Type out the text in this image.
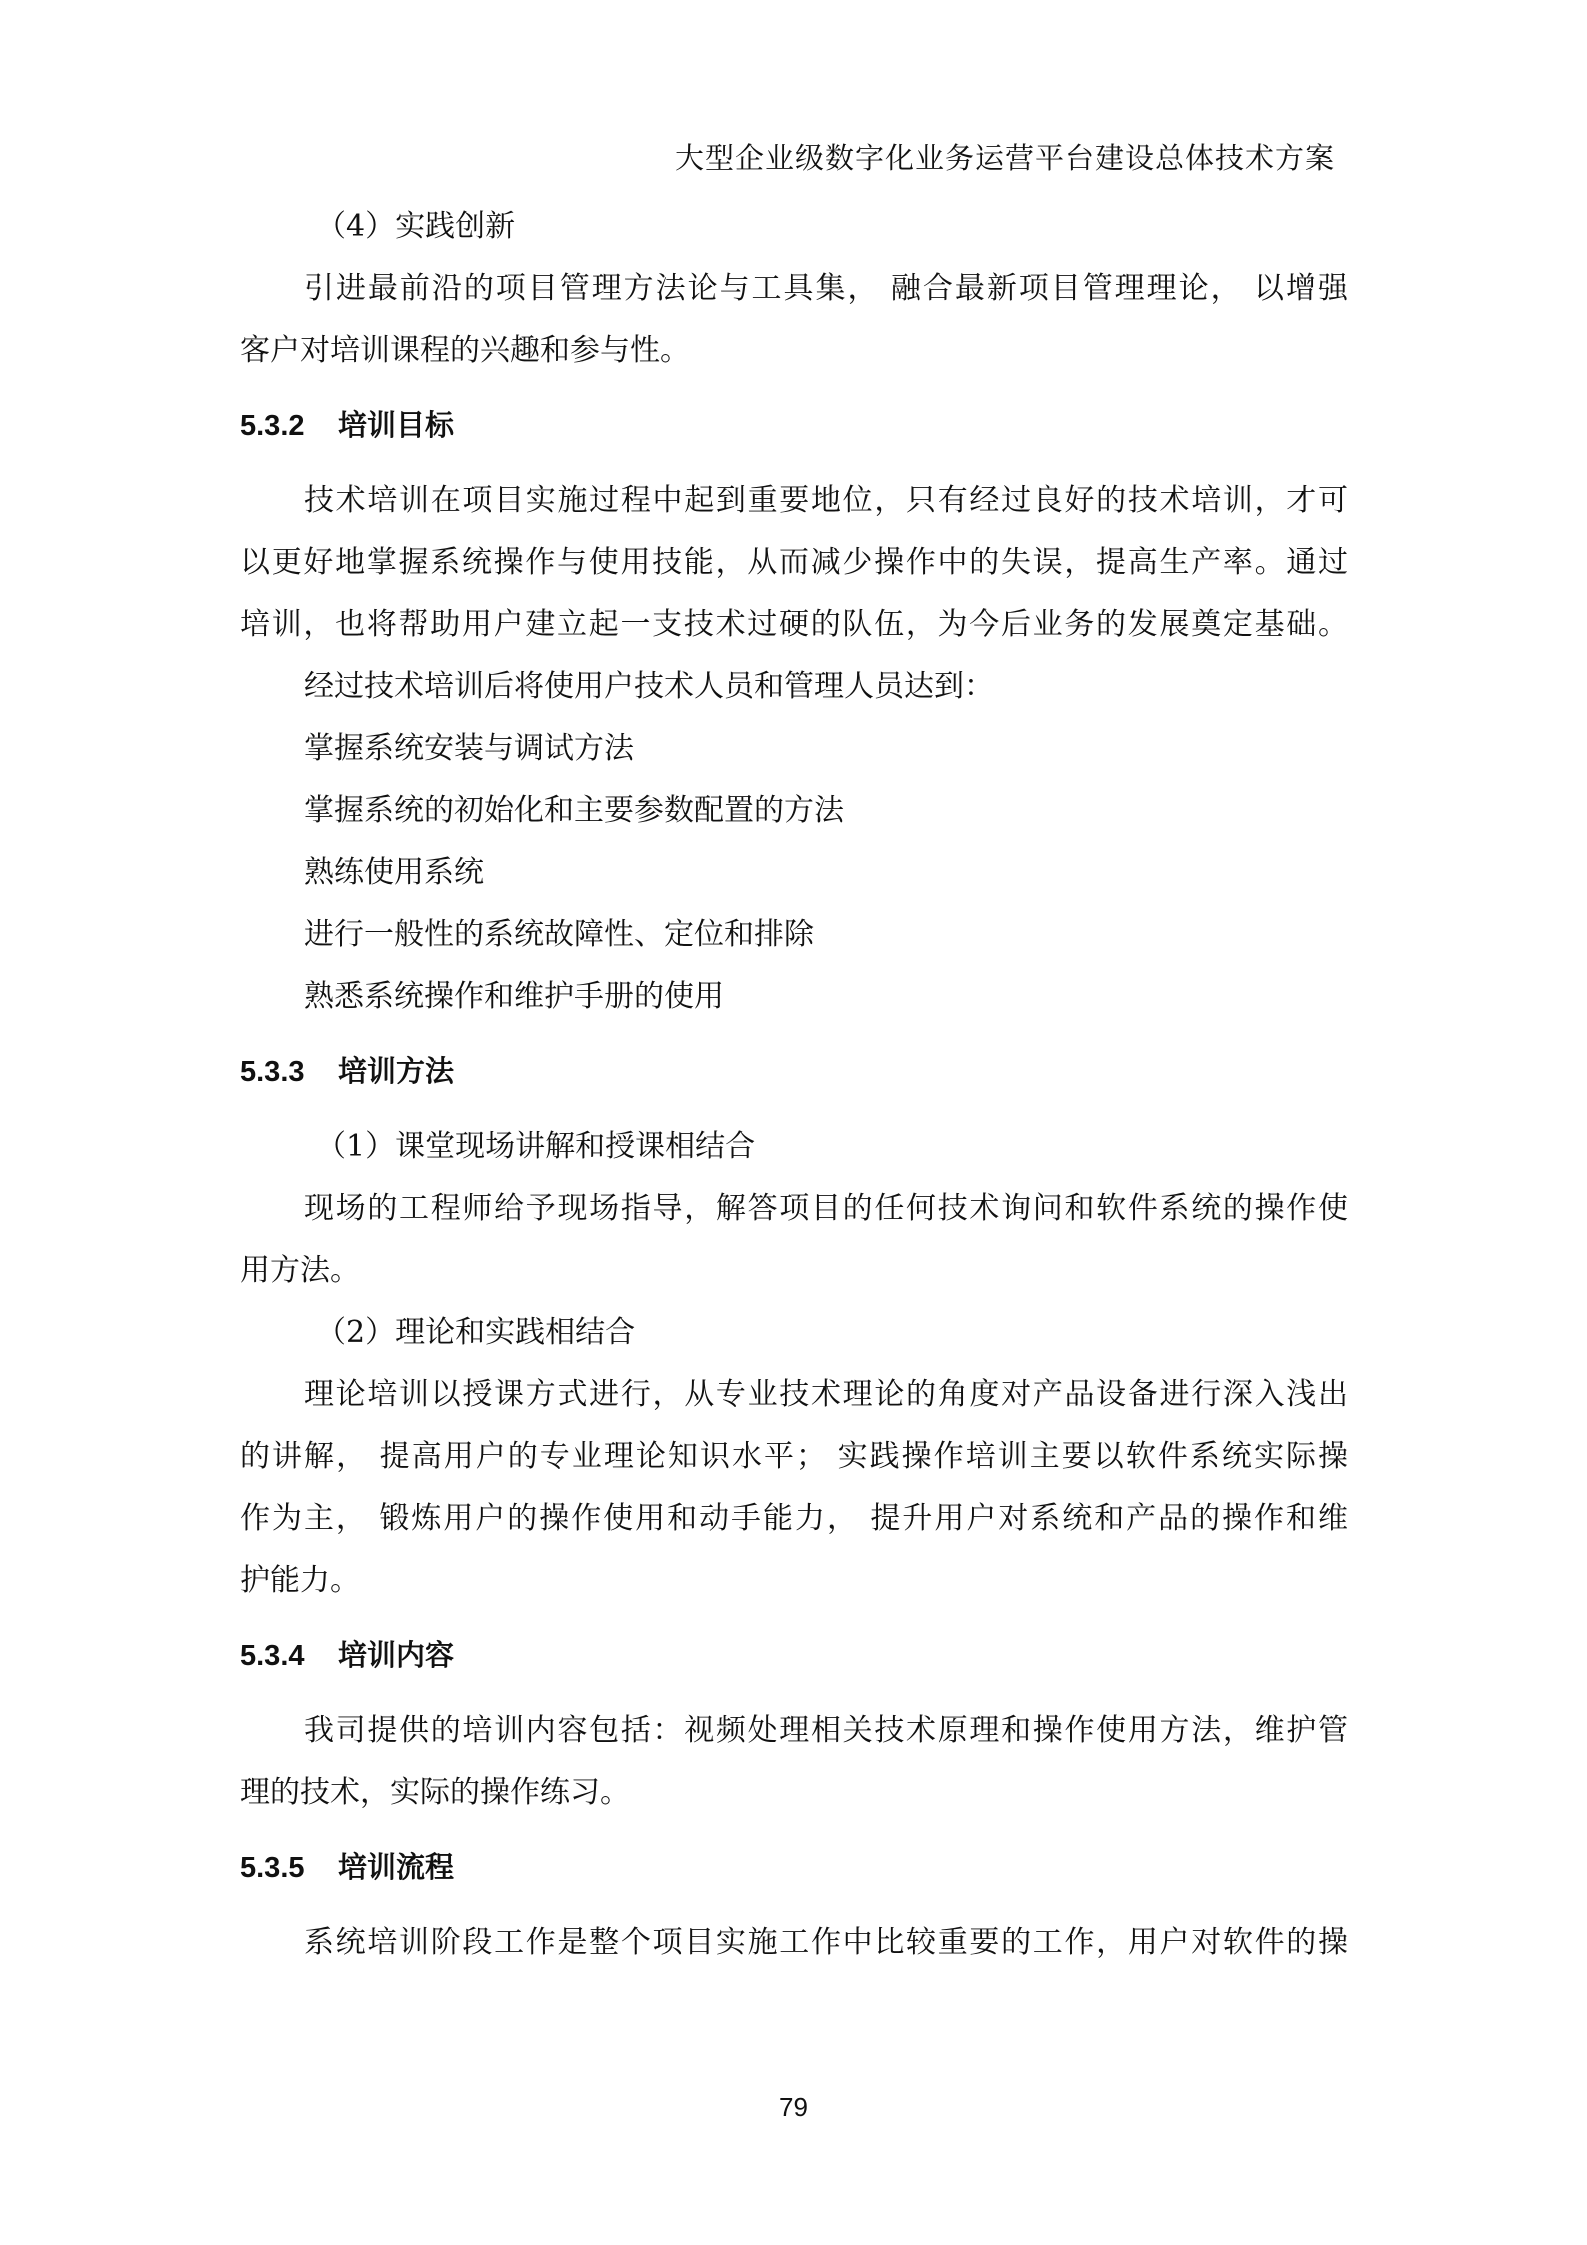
大型企业级数字化业务运营平台建设总体技术方案
（4）实践创新
引进最前沿的项目管理方法论与工具集， 融合最新项目管理理论， 以增强
客户对培训课程的兴趣和参与性。
5.3.2 培训目标
技术培训在项目实施过程中起到重要地位，只有经过良好的技术培训，才可
以更好地掌握系统操作与使用技能，从而减少操作中的失误，提高生产率。通过
培训，也将帮助用户建立起一支技术过硬的队伍，为今后业务的发展奠定基础。
经过技术培训后将使用户技术人员和管理人员达到：
掌握系统安装与调试方法
掌握系统的初始化和主要参数配置的方法
熟练使用系统
进行一般性的系统故障性、定位和排除
熟悉系统操作和维护手册的使用
5.3.3 培训方法
（1）课堂现场讲解和授课相结合
现场的工程师给予现场指导，解答项目的任何技术询问和软件系统的操作使
用方法。
（2）理论和实践相结合
理论培训以授课方式进行，从专业技术理论的角度对产品设备进行深入浅出
的讲解， 提高用户的专业理论知识水平； 实践操作培训主要以软件系统实际操
作为主， 锻炼用户的操作使用和动手能力， 提升用户对系统和产品的操作和维
护能力。
5.3.4 培训内容
我司提供的培训内容包括：视频处理相关技术原理和操作使用方法，维护管
理的技术，实际的操作练习。
5.3.5 培训流程
系统培训阶段工作是整个项目实施工作中比较重要的工作，用户对软件的操
79
